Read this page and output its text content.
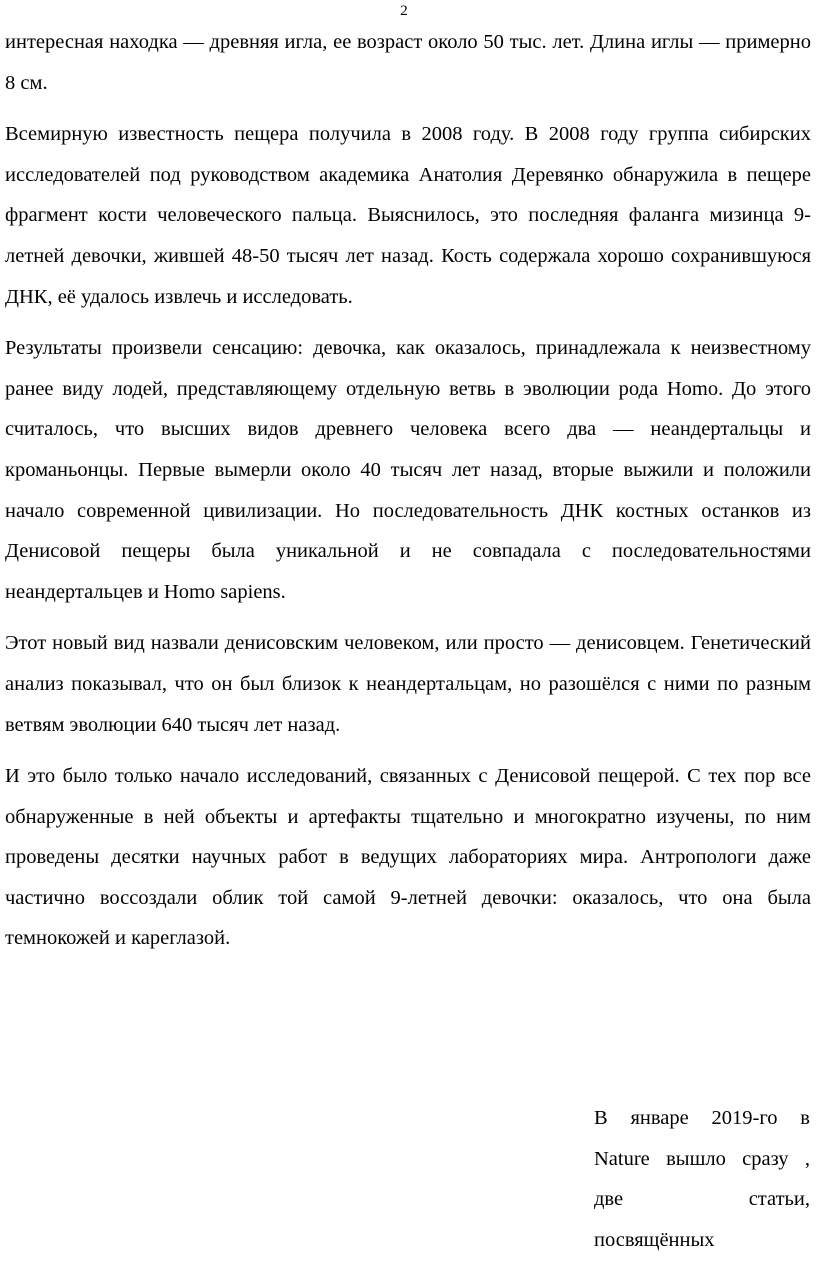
2

интересная находка — древняя игла, ее возраст около 50 тыс. лет. Длина иглы — примерно 8 см.

Всемирную известность пещера получила в 2008 году. В 2008 году группа сибирских исследователей под руководством академика Анатолия Деревянко обнаружила в пещере фрагмент кости человеческого пальца. Выяснилось, это последняя фаланга мизинца 9-летней девочки, жившей 48-50 тысяч лет назад. Кость содержала хорошо сохранившуюся ДНК, её удалось извлечь и исследовать.

Результаты произвели сенсацию: девочка, как оказалось, принадлежала к неизвестному ранее виду лодей, представляющему отдельную ветвь в эволюции рода Homo. До этого считалось, что высших видов древнего человека всего два — неандертальцы и кроманьонцы. Первые вымерли около 40 тысяч лет назад, вторые выжили и положили начало современной цивилизации. Но последовательность ДНК костных останков из Денисовой пещеры была уникальной и не совпадала с последовательностями неандертальцев и Homo sapiens.

Этот новый вид назвали денисовским человеком, или просто — денисовцем. Генетический анализ показывал, что он был близок к неандертальцам, но разошёлся с ними по разным ветвям эволюции 640 тысяч лет назад.

И это было только начало исследований, связанных с Денисовой пещерой. С тех пор все обнаруженные в ней объекты и артефакты тщательно и многократно изучены, по ним проведены десятки научных работ в ведущих лабораториях мира. Антропологи даже частично воссоздали облик той самой 9-летней девочки: оказалось, что она была темнокожей и кареглазой.

В январе 2019-го в Nature вышло сразу , две статьи, посвящённых
